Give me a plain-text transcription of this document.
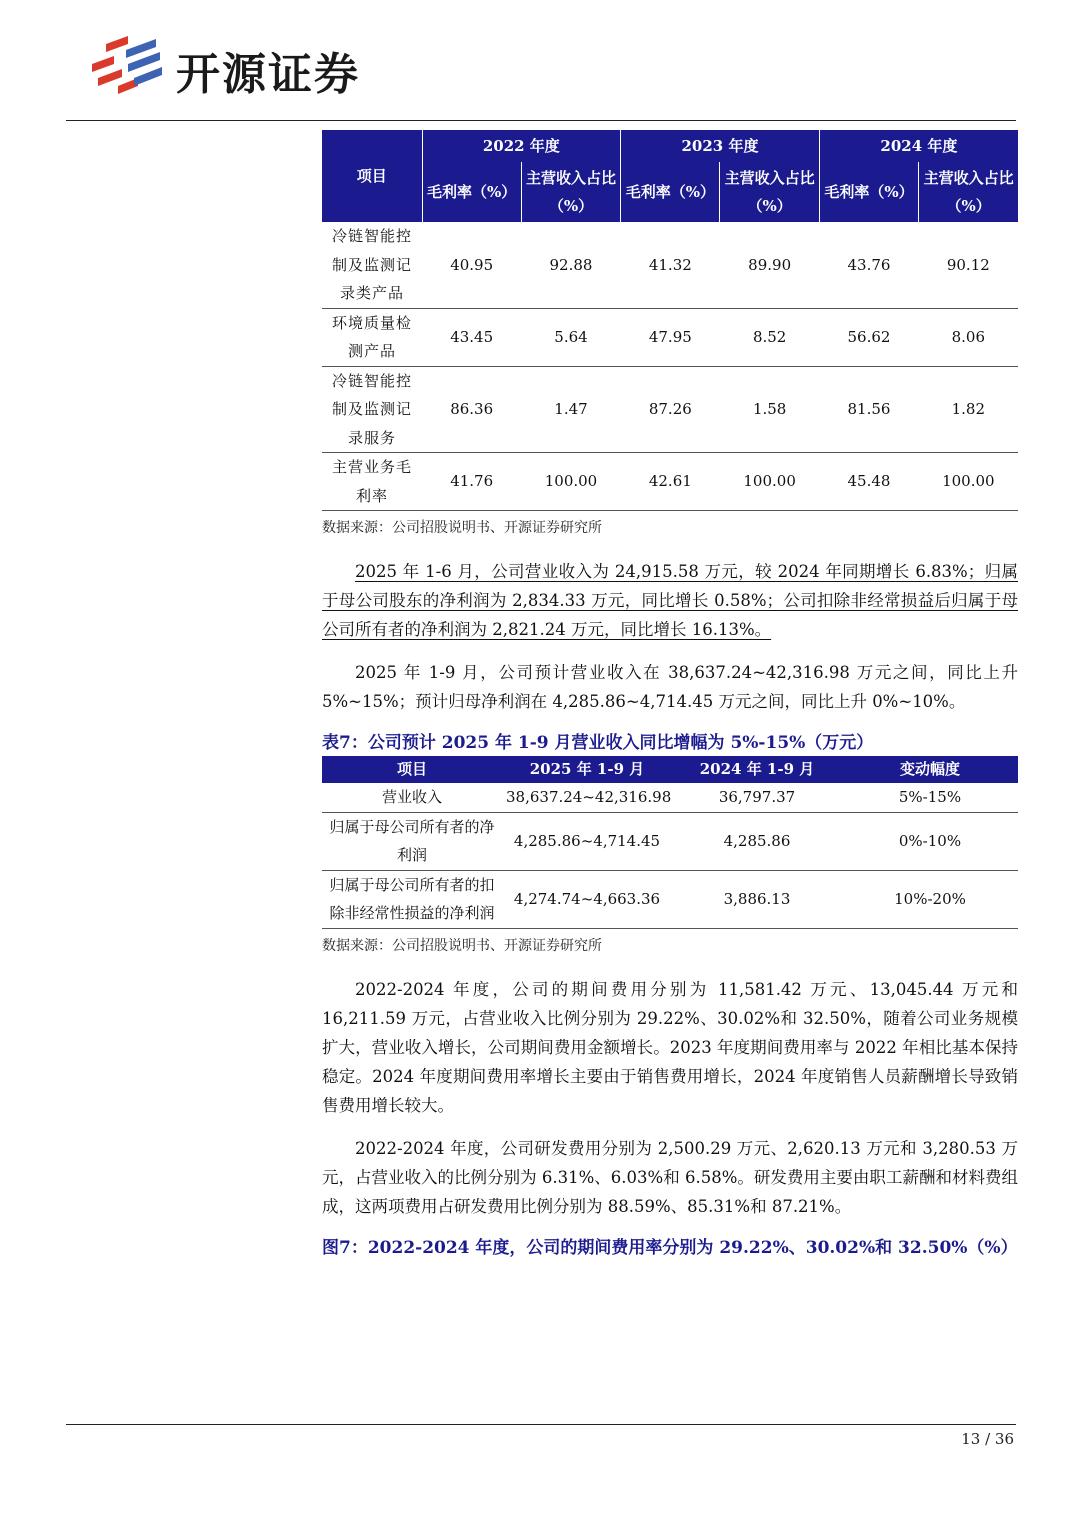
开源证券
项目	2022 年度		2023 年度		2024 年度	
	毛利率（%）	主营收入占比（%）	毛利率（%）	主营收入占比（%）	毛利率（%）	主营收入占比（%）
冷链智能控制及监测记录类产品	40.95	92.88	41.32	89.90	43.76	90.12
环境质量检测产品	43.45	5.64	47.95	8.52	56.62	8.06
冷链智能控制及监测记录服务	86.36	1.47	87.26	1.58	81.56	1.82
主营业务毛利率	41.76	100.00	42.61	100.00	45.48	100.00
数据来源：公司招股说明书、开源证券研究所

2025 年 1-6 月，公司营业收入为 24,915.58 万元，较 2024 年同期增长 6.83%；归属于母公司股东的净利润为 2,834.33 万元，同比增长 0.58%；公司扣除非经常损益后归属于母公司所有者的净利润为 2,821.24 万元，同比增长 16.13%。

2025 年 1-9 月，公司预计营业收入在 38,637.24~42,316.98 万元之间，同比上升 5%~15%；预计归母净利润在 4,285.86~4,714.45 万元之间，同比上升 0%~10%。

表7：公司预计 2025 年 1-9 月营业收入同比增幅为 5%-15%（万元）
项目	2025 年 1-9 月	2024 年 1-9 月	变动幅度
营业收入	38,637.24~42,316.98	36,797.37	5%-15%
归属于母公司所有者的净利润	4,285.86~4,714.45	4,285.86	0%-10%
归属于母公司所有者的扣除非经常性损益的净利润	4,274.74~4,663.36	3,886.13	10%-20%
数据来源：公司招股说明书、开源证券研究所

2022-2024 年度，公司的期间费用分别为 11,581.42 万元、13,045.44 万元和 16,211.59 万元，占营业收入比例分别为 29.22%、30.02%和 32.50%，随着公司业务规模扩大，营业收入增长，公司期间费用金额增长。2023 年度期间费用率与 2022 年相比基本保持稳定。2024 年度期间费用率增长主要由于销售费用增长，2024 年度销售人员薪酬增长导致销售费用增长较大。

2022-2024 年度，公司研发费用分别为 2,500.29 万元、2,620.13 万元和 3,280.53 万元，占营业收入的比例分别为 6.31%、6.03%和 6.58%。研发费用主要由职工薪酬和材料费组成，这两项费用占研发费用比例分别为 88.59%、85.31%和 87.21%。

图7：2022-2024 年度，公司的期间费用率分别为 29.22%、30.02%和 32.50%（%）
13 / 36
